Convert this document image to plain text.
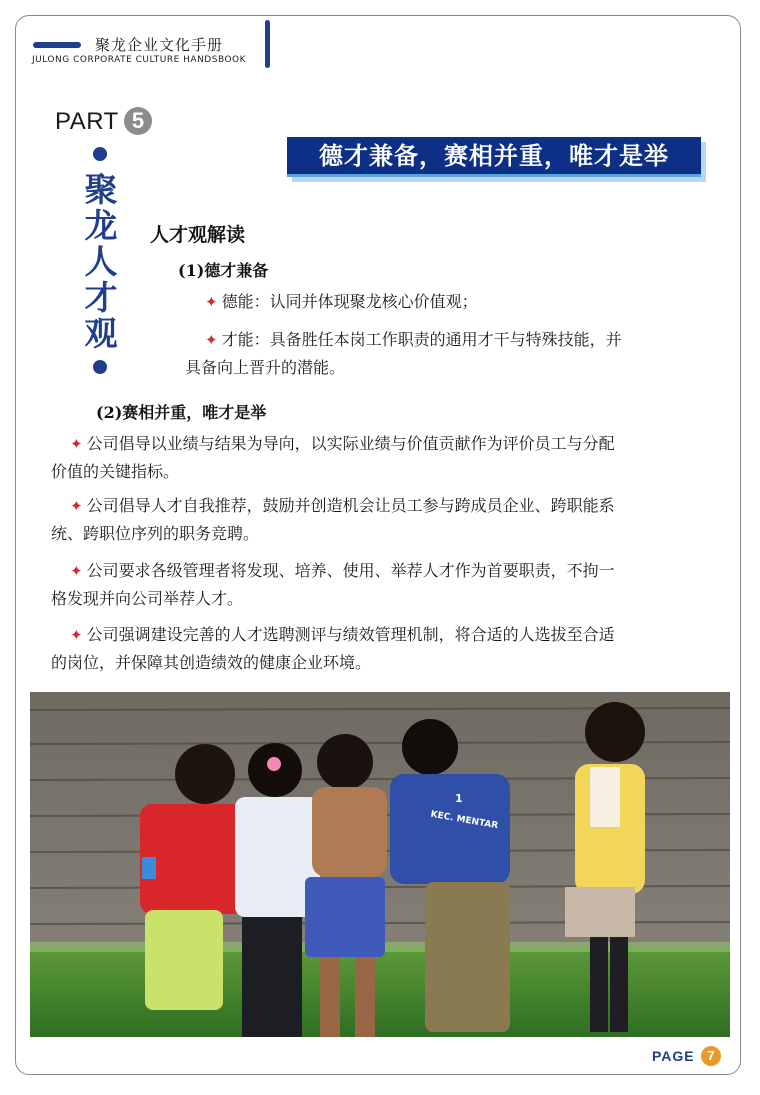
聚龙企业文化手册
JULONG CORPORATE CULTURE HANDSBOOK
PART 5
聚
龙
人
才
观
德才兼备，赛相并重，唯才是举
人才观解读
(1)德才兼备
✦ 德能：认同并体现聚龙核心价值观；
✦ 才能：具备胜任本岗工作职责的通用才干与特殊技能，并
具备向上晋升的潜能。
(2)赛相并重，唯才是举
✦ 公司倡导以业绩与结果为导向，以实际业绩与价值贡献作为评价员工与分配
价值的关键指标。
✦ 公司倡导人才自我推荐，鼓励并创造机会让员工参与跨成员企业、跨职能系
统、跨职位序列的职务竞聘。
✦ 公司要求各级管理者将发现、培养、使用、举荐人才作为首要职责，不拘一
格发现并向公司举荐人才。
✦ 公司强调建设完善的人才选聘测评与绩效管理机制，将合适的人选拔至合适
的岗位，并保障其创造绩效的健康企业环境。
1
KEC. MENTAR
PAGE 7
